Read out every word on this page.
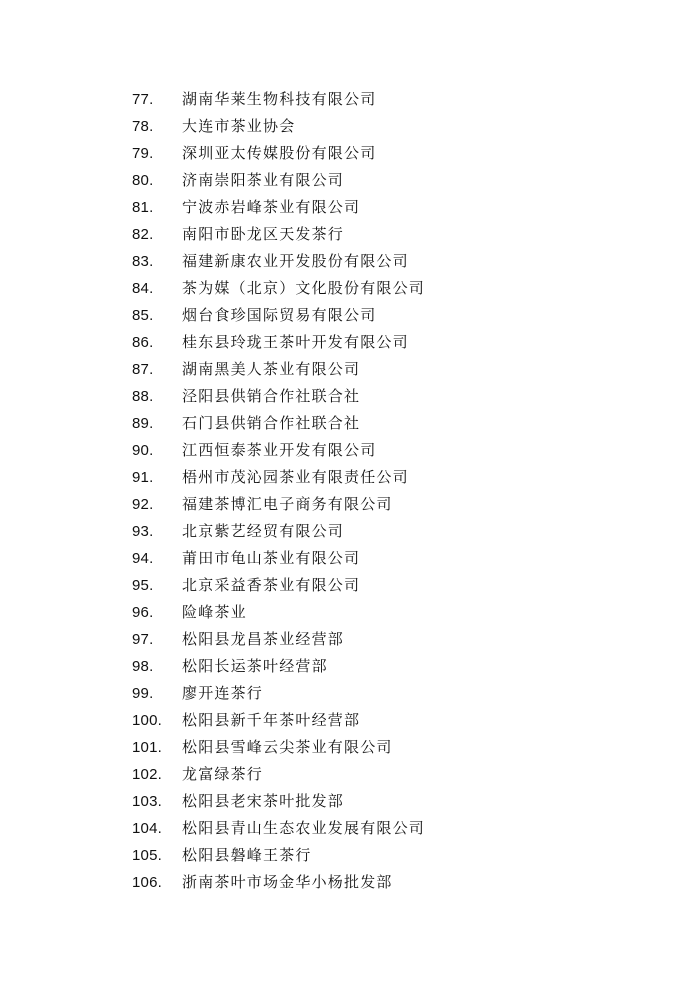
77. 湖南华莱生物科技有限公司
78. 大连市茶业协会
79. 深圳亚太传媒股份有限公司
80. 济南崇阳茶业有限公司
81. 宁波赤岩峰茶业有限公司
82. 南阳市卧龙区天发茶行
83. 福建新康农业开发股份有限公司
84. 茶为媒（北京）文化股份有限公司
85. 烟台食珍国际贸易有限公司
86. 桂东县玲珑王茶叶开发有限公司
87. 湖南黑美人茶业有限公司
88. 泾阳县供销合作社联合社
89. 石门县供销合作社联合社
90. 江西恒泰茶业开发有限公司
91. 梧州市茂沁园茶业有限责任公司
92. 福建茶博汇电子商务有限公司
93. 北京紫艺经贸有限公司
94. 莆田市龟山茶业有限公司
95. 北京采益香茶业有限公司
96. 险峰茶业
97. 松阳县龙昌茶业经营部
98. 松阳长运茶叶经营部
99. 廖开连茶行
100. 松阳县新千年茶叶经营部
101. 松阳县雪峰云尖茶业有限公司
102. 龙富绿茶行
103. 松阳县老宋茶叶批发部
104. 松阳县青山生态农业发展有限公司
105. 松阳县磐峰王茶行
106. 浙南茶叶市场金华小杨批发部
